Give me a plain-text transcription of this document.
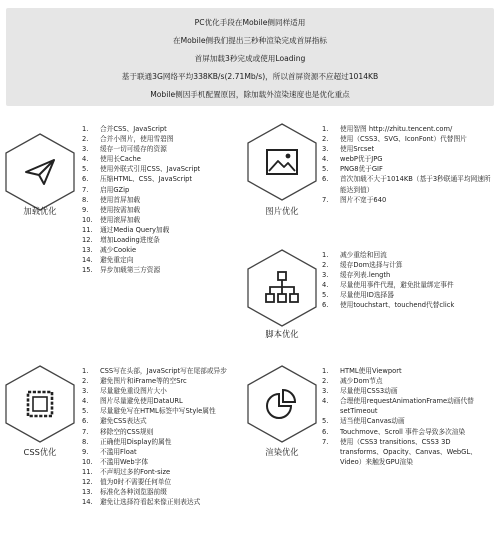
PC优化手段在Mobile侧同样适用
在Mobile侧我们提出三秒种渲染完成首屏指标
首屏加载3秒完成或使用Loading
基于联通3G网络平均338KB/s(2.71Mb/s)，所以首屏资源不应超过1014KB
Mobile侧因手机配置原因，除加载外渲染速度也是优化重点
加载优化
1.	合并CSS、JavaScript
2.	合并小图片，使用雪碧图
3.	缓存一切可缓存的资源
4.	使用长Cache
5.	使用外联式引用CSS、JavaScript
6.	压缩HTML、CSS、JavaScript
7.	启用GZip
8.	使用首屏加载
9.	使用按需加载
10.	使用滚屏加载
11.	通过Media Query加载
12.	增加Loading进度条
13.	减少Cookie
14.	避免重定向
15.	异步加载第三方资源
图片优化
1.	使用智图 http://zhitu.tencent.com/
2.	使用（CSS3、SVG、IconFont）代替图片
3.	使用Srcset
4.	webP优于JPG
5.	PNG8优于GIF
6.	首次加载不大于1014KB（基于3秒联通平均网速所能达到值）
7.	图片不宽于640
脚本优化
1.	减少重绘和回流
2.	缓存Dom选择与计算
3.	缓存列表.length
4.	尽量使用事件代理，避免批量绑定事件
5.	尽量使用ID选择器
6.	使用touchstart、touchend代替click
CSS优化
1.	CSS写在头部，JavaScript写在尾部或异步
2.	避免图片和iFrame等的空Src
3.	尽量避免重设图片大小
4.	图片尽量避免使用DataURL
5.	尽量避免写在HTML标签中写Style属性
6.	避免CSS表达式
7.	移除空的CSS规则
8.	正确使用Display的属性
9.	不滥用Float
10.	不滥用Web字体
11.	不声明过多的Font-size
12.	值为0时不需要任何单位
13.	标准化各种浏览器前缀
14.	避免让选择符看起来像正则表达式
渲染优化
1.	HTML使用Viewport
2.	减少Dom节点
3.	尽量使用CSS3动画
4.	合理使用requestAnimationFrame动画代替setTimeout
5.	适当使用Canvas动画
6.	Touchmove、Scroll 事件会导致多次渲染
7.	使用（CSS3 transitions、CSS3 3D transforms、Opacity、Canvas、WebGL、Video）来触发GPU渲染
